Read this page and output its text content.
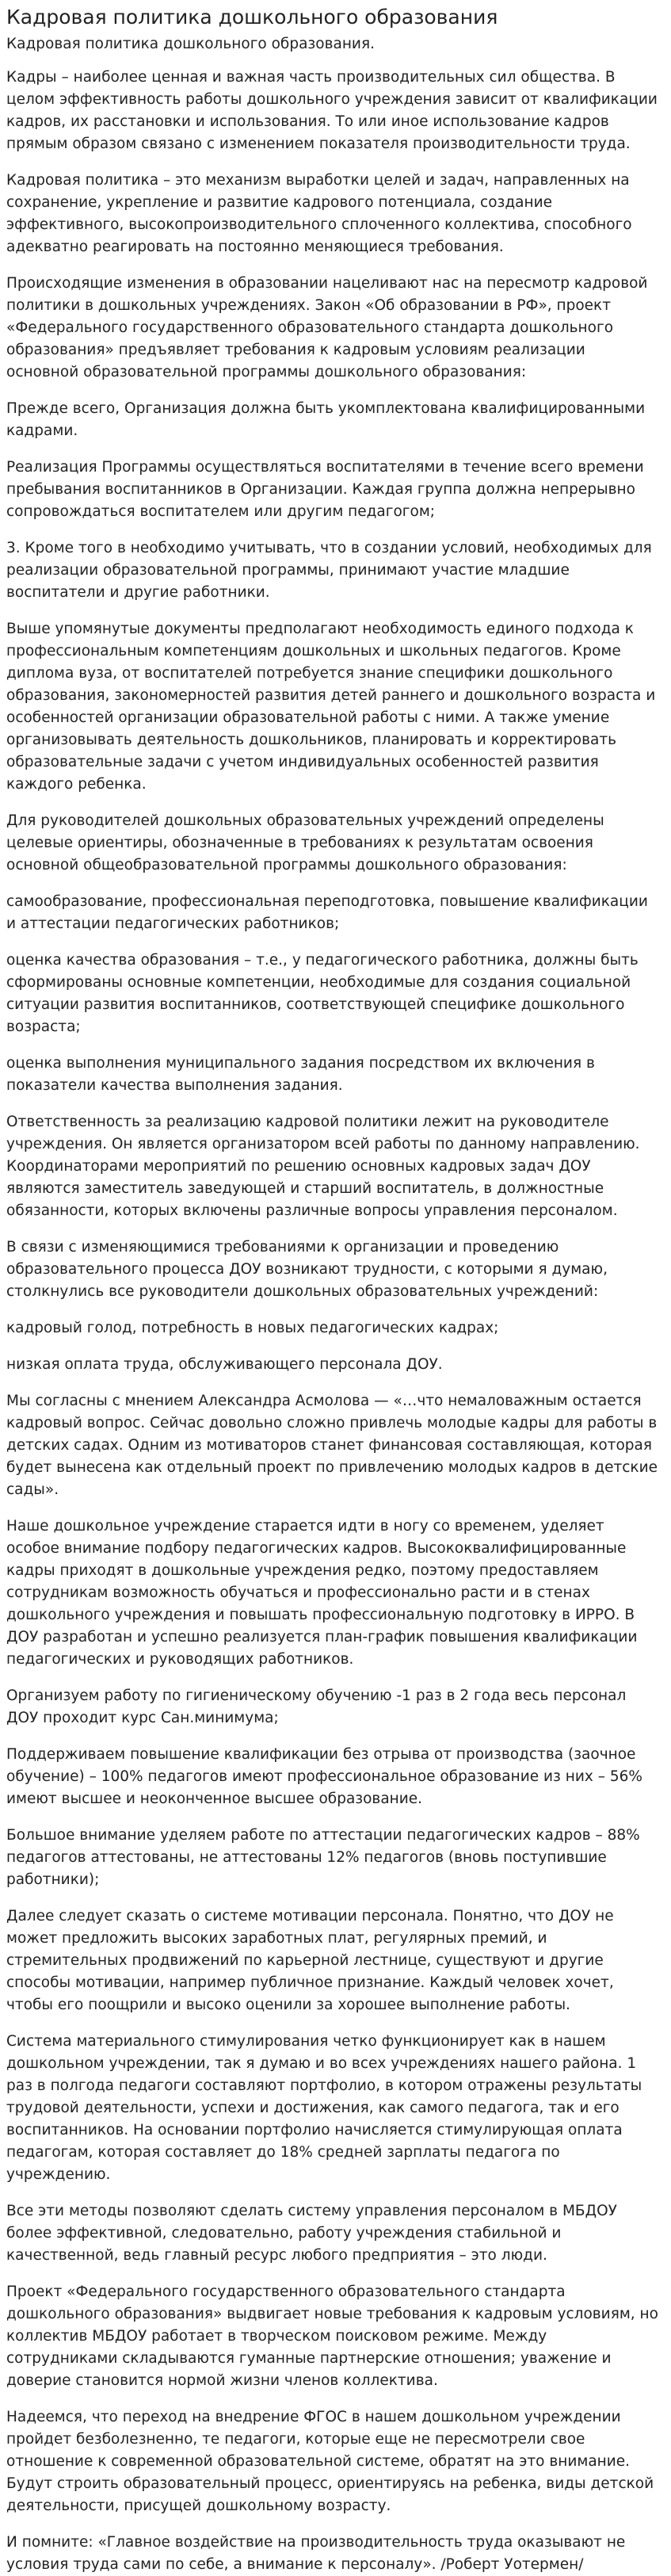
Кадровая политика дошкольного образования

Кадровая политика дошкольного образования.

Кадры – наиболее ценная и важная часть производительных сил общества. В целом эффективность работы дошкольного учреждения зависит от квалификации кадров, их расстановки и использования. То или иное использование кадров прямым образом связано с изменением показателя производительности труда.

Кадровая политика – это механизм выработки целей и задач, направленных на сохранение, укрепление и развитие кадрового потенциала, создание эффективного, высокопроизводительного сплоченного коллектива, способного адекватно реагировать на постоянно меняющиеся требования.

Происходящие изменения в образовании нацеливают нас на пересмотр кадровой политики в дошкольных учреждениях. Закон «Об образовании в РФ», проект «Федерального государственного образовательного стандарта дошкольного образования» предъявляет требования к кадровым условиям реализации основной образовательной программы дошкольного образования:

Прежде всего, Организация должна быть укомплектована квалифицированными кадрами.

Реализация Программы осуществляться воспитателями в течение всего времени пребывания воспитанников в Организации. Каждая группа должна непрерывно сопровождаться воспитателем или другим педагогом;

3. Кроме того в необходимо учитывать, что в создании условий, необходимых для реализации образовательной программы, принимают участие младшие воспитатели и другие работники.

Выше упомянутые документы предполагают необходимость единого подхода к профессиональным компетенциям дошкольных и школьных педагогов. Кроме диплома вуза, от воспитателей потребуется знание специфики дошкольного образования, закономерностей развития детей раннего и дошкольного возраста и особенностей организации образовательной работы с ними. А также умение организовывать деятельность дошкольников, планировать и корректировать образовательные задачи с учетом индивидуальных особенностей развития каждого ребенка.

Для руководителей дошкольных образовательных учреждений определены целевые ориентиры, обозначенные в требованиях к результатам освоения основной общеобразовательной программы дошкольного образования:

самообразование, профессиональная переподготовка, повышение квалификации и аттестации педагогических работников;

оценка качества образования – т.е., у педагогического работника, должны быть сформированы основные компетенции, необходимые для создания социальной ситуации развития воспитанников, соответствующей специфике дошкольного возраста;

оценка выполнения муниципального задания посредством их включения в показатели качества выполнения задания.

Ответственность за реализацию кадровой политики лежит на руководителе учреждения. Он является организатором всей работы по данному направлению. Координаторами мероприятий по решению основных кадровых задач ДОУ являются заместитель заведующей и старший воспитатель, в должностные обязанности, которых включены различные вопросы управления персоналом.

В связи с изменяющимися требованиями к организации и проведению образовательного процесса ДОУ возникают трудности, с которыми я думаю, столкнулись все руководители дошкольных образовательных учреждений:

кадровый голод, потребность в новых педагогических кадрах;

низкая оплата труда, обслуживающего персонала ДОУ.

Мы согласны с мнением Александра Асмолова — «…что немаловажным остается кадровый вопрос. Сейчас довольно сложно привлечь молодые кадры для работы в детских садах. Одним из мотиваторов станет финансовая составляющая, которая будет вынесена как отдельный проект по привлечению молодых кадров в детские сады».

Наше дошкольное учреждение старается идти в ногу со временем, уделяет особое внимание подбору педагогических кадров. Высококвалифицированные кадры приходят в дошкольные учреждения редко, поэтому предоставляем сотрудникам возможность обучаться и профессионально расти и в стенах дошкольного учреждения и повышать профессиональную подготовку в ИРРО. В ДОУ разработан и успешно реализуется план-график повышения квалификации педагогических и руководящих работников.

Организуем работу по гигиеническому обучению -1 раз в 2 года весь персонал ДОУ проходит курс Сан.минимума;

Поддерживаем повышение квалификации без отрыва от производства (заочное обучение) – 100% педагогов имеют профессиональное образование из них – 56% имеют высшее и неоконченное высшее образование.

Большое внимание уделяем работе по аттестации педагогических кадров – 88% педагогов аттестованы, не аттестованы 12% педагогов (вновь поступившие работники);

Далее следует сказать о системе мотивации персонала. Понятно, что ДОУ не может предложить высоких заработных плат, регулярных премий, и стремительных продвижений по карьерной лестнице, существуют и другие способы мотивации, например публичное признание. Каждый человек хочет, чтобы его поощрили и высоко оценили за хорошее выполнение работы.

Система материального стимулирования четко функционирует как в нашем дошкольном учреждении, так я думаю и во всех учреждениях нашего района. 1 раз в полгода педагоги составляют портфолио, в котором отражены результаты трудовой деятельности, успехи и достижения, как самого педагога, так и его воспитанников. На основании портфолио начисляется стимулирующая оплата педагогам, которая составляет до 18% средней зарплаты педагога по учреждению.

Все эти методы позволяют сделать систему управления персоналом в МБДОУ более эффективной, следовательно, работу учреждения стабильной и качественной, ведь главный ресурс любого предприятия – это люди.

Проект «Федерального государственного образовательного стандарта дошкольного образования» выдвигает новые требования к кадровым условиям, но коллектив МБДОУ работает в творческом поисковом режиме. Между сотрудниками складываются гуманные партнерские отношения; уважение и доверие становится нормой жизни членов коллектива.

Надеемся, что переход на внедрение ФГОС в нашем дошкольном учреждении пройдет безболезненно, те педагоги, которые еще не пересмотрели свое отношение к современной образовательной системе, обратят на это внимание. Будут строить образовательный процесс, ориентируясь на ребенка, виды детской деятельности, присущей дошкольному возрасту.

И помните: «Главное воздействие на производительность труда оказывают не условия труда сами по себе, а внимание к персоналу». /Роберт Уотермен/
